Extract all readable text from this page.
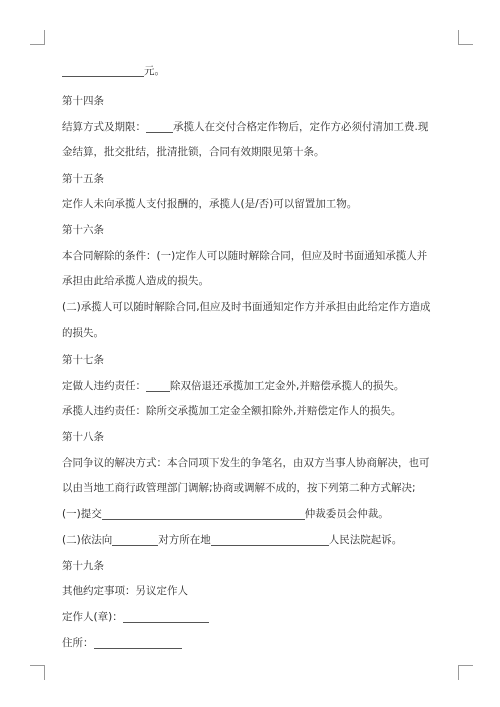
元。
第十四条
结算方式及期限：	承揽人在交付合格定作物后，定作方必须付清加工费.现
金结算，批交批结，批清批锁，合同有效期限见第十条。
第十五条
定作人未向承揽人支付报酬的，承揽人(是/否)可以留置加工物。
第十六条
本合同解除的条件：(一)定作人可以随时解除合同，但应及时书面通知承揽人并
承担由此给承揽人造成的损失。
(二)承揽人可以随时解除合同,但应及时书面通知定作方并承担由此给定作方造成
的损失。
第十七条
定做人违约责任： 除双倍退还承揽加工定金外,并赔偿承揽人的损失。
承揽人违约责任：除所交承揽加工定金全额扣除外,并赔偿定作人的损失。
第十八条
合同争议的解决方式：本合同项下发生的争笔名，由双方当事人协商解决，也可
以由当地工商行政管理部门调解;协商或调解不成的，按下列第二种方式解决;
(一)提交	仲裁委员会仲裁。
(二)依法向	对方所在地	人民法院起诉。
第十九条
其他约定事项：另议定作人
定作人(章)：
住所：
